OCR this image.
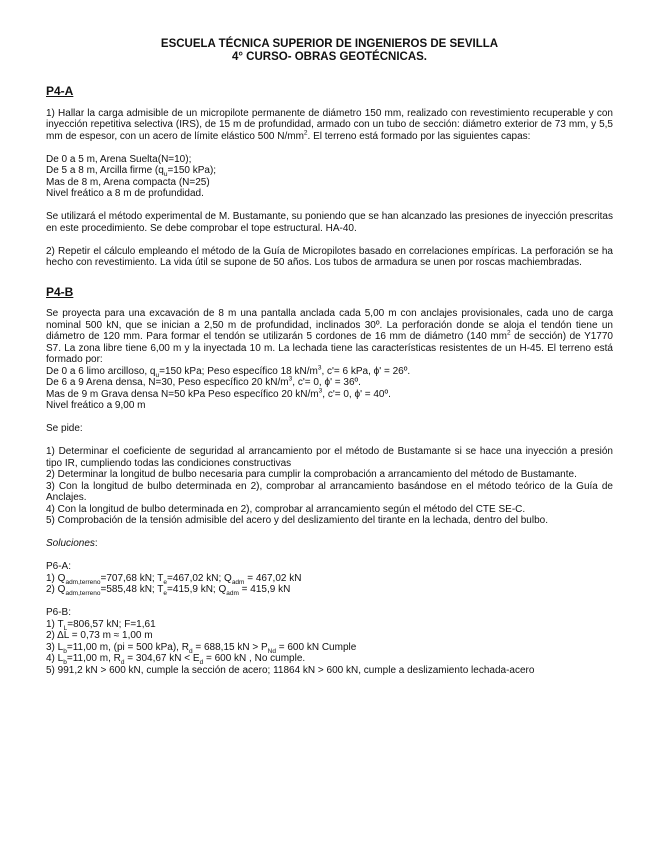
ESCUELA TÉCNICA SUPERIOR DE INGENIEROS DE SEVILLA
4° CURSO- OBRAS GEOTÉCNICAS.
P4-A

1) Hallar la carga admisible de un micropilote permanente de diámetro 150 mm, realizado con revestimiento recuperable y con inyección repetitiva selectiva (IRS), de 15 m de profundidad, armado con un tubo de sección: diámetro exterior de 73 mm, y 5,5 mm de espesor, con un acero de límite elástico 500 $N/mm^2$. El terreno está formado por las siguientes capas:

De 0 a 5 m, Arena Suelta(N=10);
De 5 a 8 m, Arcilla firme ($q_u=150$ kPa);
Mas de 8 m, Arena compacta (N=25)
Nivel freático a 8 m de profundidad.

Se utilizará el método experimental de M. Bustamante, su poniendo que se han alcanzado las presiones de inyección prescritas en este procedimiento. Se debe comprobar el tope estructural. HA-40.

2) Repetir el cálculo empleando el método de la Guía de Micropilotes basado en correlaciones empíricas. La perforación se ha hecho con revestimiento. La vida útil se supone de 50 años. Los tubos de armadura se unen por roscas machiembradas.

P4-B

Se proyecta para una excavación de 8 m una pantalla anclada cada 5,00 m con anclajes provisionales, cada uno de carga nominal 500 kN, que se inician a 2,50 m de profundidad, inclinados 30º. La perforación donde se aloja el tendón tiene un diámetro de 120 mm. Para formar el tendón se utilizarán 5 cordones de 16 mm de diámetro (140 $mm^2$ de sección) de Y1770 S7. La zona libre tiene 6,00 m y la inyectada 10 m. La lechada tiene las características resistentes de un H-45. El terreno está formado por:

De 0 a 6 limo arcilloso, $q_u=150$ kPa; Peso específico 18 $kN/m^3$, c'= 6 kPa, ϕ' = 26º.
De 6 a 9 Arena densa, N=30, Peso específico 20 $kN/m^3$, c'= 0, ϕ' = 36º.
Mas de 9 m Grava densa N=50 kPa Peso específico 20 $kN/m^3$, c'= 0, ϕ' = 40º.
Nivel freático a 9,00 m

Se pide:

1) Determinar el coeficiente de seguridad al arrancamiento por el método de Bustamante si se hace una inyección a presión tipo IR, cumpliendo todas las condiciones constructivas

2) Determinar la longitud de bulbo necesaria para cumplir la comprobación a arrancamiento del método de Bustamante.

3) Con la longitud de bulbo determinada en 2), comprobar al arrancamiento basándose en el método teórico de la Guía de Anclajes.

4) Con la longitud de bulbo determinada en 2), comprobar al arrancamiento según el método del CTE SE-C.

5) Comprobación de la tensión admisible del acero y del deslizamiento del tirante en la lechada, dentro del bulbo.

Soluciones:

P6-A:
1) $Q_{adm,terreno}=707,68$ kN; $T_e=467,02$ kN; $Q_{adm} = 467,02$ kN
2) $Q_{adm,terreno}=585,48$ kN; $T_e=415,9$ kN; $Q_{adm} = 415,9$ kN
P6-B:
1) $T_L=806,57$ kN; F=1,61
2) ΔL = 0,73 m ≈ 1,00 m
3) $L_b=11,00$ m, (pi = 500 kPa), $R_d = 688,15$ kN > $P_{Nd} = 600$ kN Cumple
4) $L_b=11,00$ m, $R_d = 304,67$ kN < $E_d = 600$ kN , No cumple.
5) 991,2 kN > 600 kN, cumple la sección de acero; 11864 kN > 600 kN, cumple a deslizamiento lechada-acero
